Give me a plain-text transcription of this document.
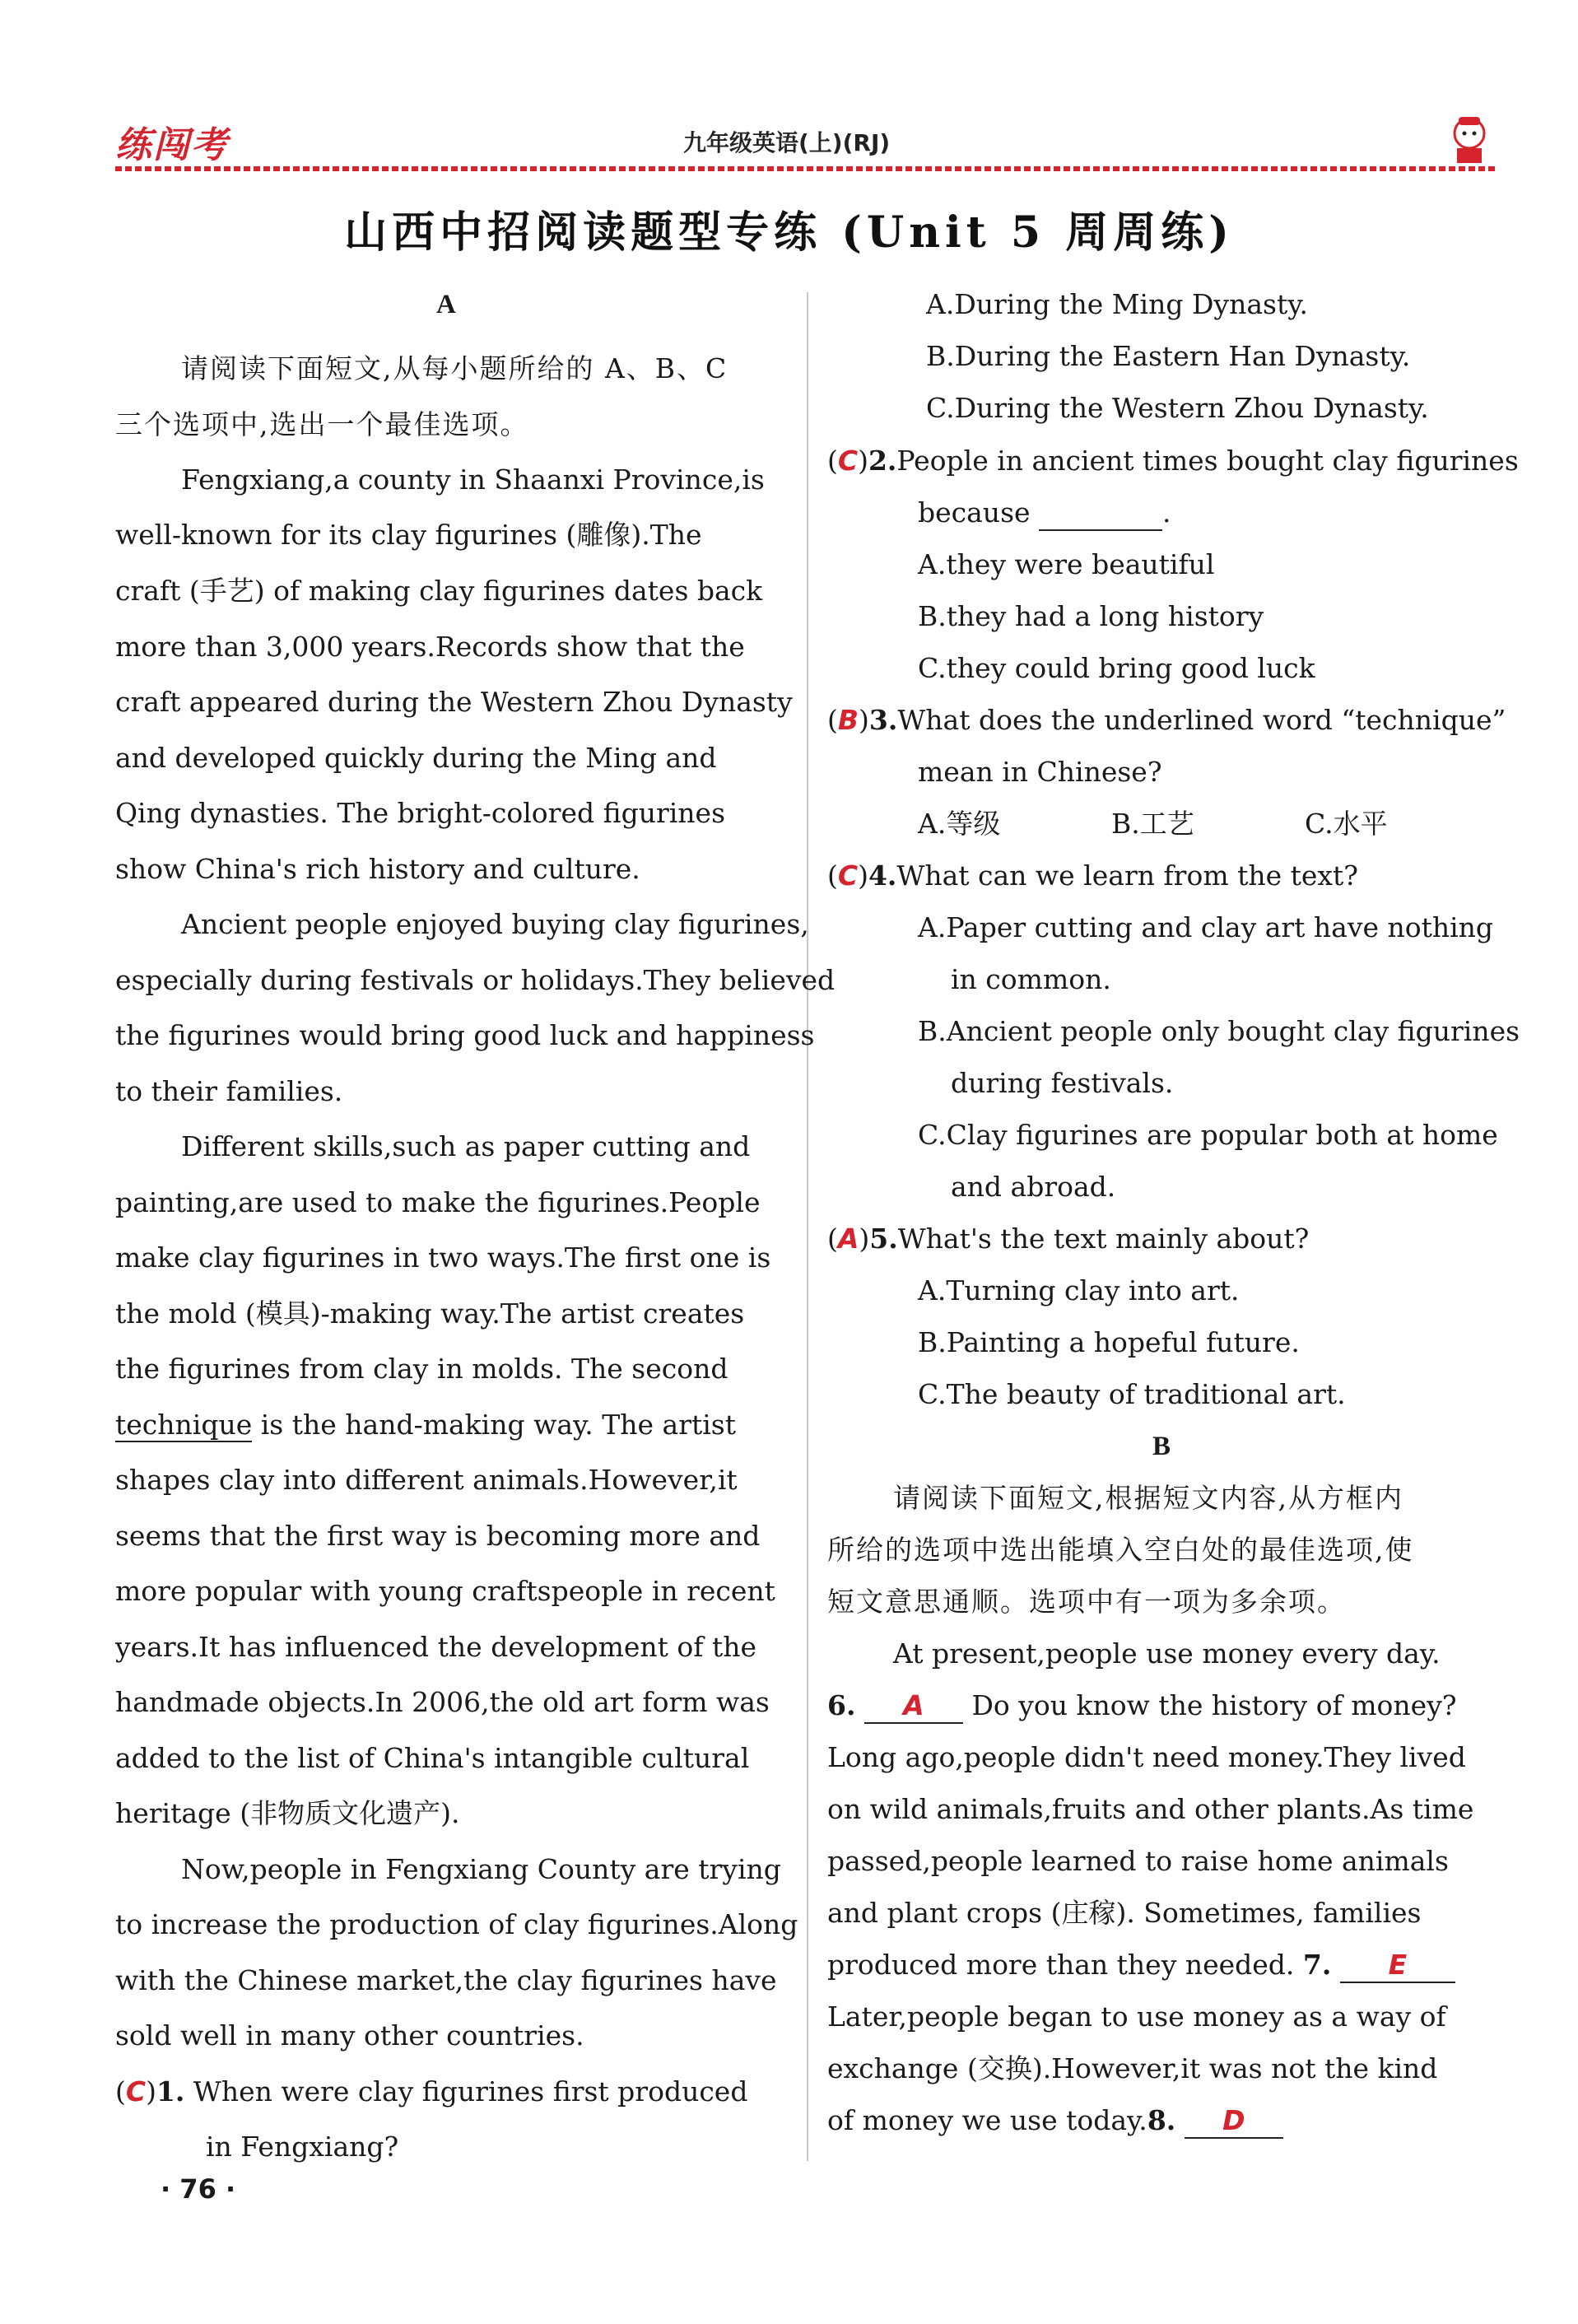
练闯考	九年级英语(上)(RJ)
山西中招阅读题型专练 (Unit 5 周周练)
A
请阅读下面短文,从每小题所给的 A、B、C
三个选项中,选出一个最佳选项。
Fengxiang,a county in Shaanxi Province,is
well-known for its clay figurines (雕像).The
craft (手艺) of making clay figurines dates back
more than 3,000 years.Records show that the
craft appeared during the Western Zhou Dynasty
and developed quickly during the Ming and
Qing dynasties. The bright-colored figurines
show China's rich history and culture.
Ancient people enjoyed buying clay figurines,
especially during festivals or holidays.They believed
the figurines would bring good luck and happiness
to their families.
Different skills,such as paper cutting and
painting,are used to make the figurines.People
make clay figurines in two ways.The first one is
the mold (模具)-making way.The artist creates
the figurines from clay in molds. The second
technique is the hand-making way. The artist
shapes clay into different animals.However,it
seems that the first way is becoming more and
more popular with young craftspeople in recent
years.It has influenced the development of the
handmade objects.In 2006,the old art form was
added to the list of China's intangible cultural
heritage (非物质文化遗产).
Now,people in Fengxiang County are trying
to increase the production of clay figurines.Along
with the Chinese market,the clay figurines have
sold well in many other countries.
(C)1. When were clay figurines first produced
in Fengxiang?
A.During the Ming Dynasty.
B.During the Eastern Han Dynasty.
C.During the Western Zhou Dynasty.
(C)2.People in ancient times bought clay figurines
because	.
A.they were beautiful
B.they had a long history
C.they could bring good luck
(B)3.What does the underlined word “technique”
mean in Chinese?
A.等级	B.工艺	C.水平
(C)4.What can we learn from the text?
A.Paper cutting and clay art have nothing
in common.
B.Ancient people only bought clay figurines
during festivals.
C.Clay figurines are popular both at home
and abroad.
(A)5.What's the text mainly about?
A.Turning clay into art.
B.Painting a hopeful future.
C.The beauty of traditional art.
B
请阅读下面短文,根据短文内容,从方框内
所给的选项中选出能填入空白处的最佳选项,使
短文意思通顺。选项中有一项为多余项。
At present,people use money every day.
6. A Do you know the history of money?
Long ago,people didn't need money.They lived
on wild animals,fruits and other plants.As time
passed,people learned to raise home animals
and plant crops (庄稼). Sometimes, families
produced more than they needed. 7. E
Later,people began to use money as a way of
exchange (交换).However,it was not the kind
of money we use today.8. D
· 76 ·
